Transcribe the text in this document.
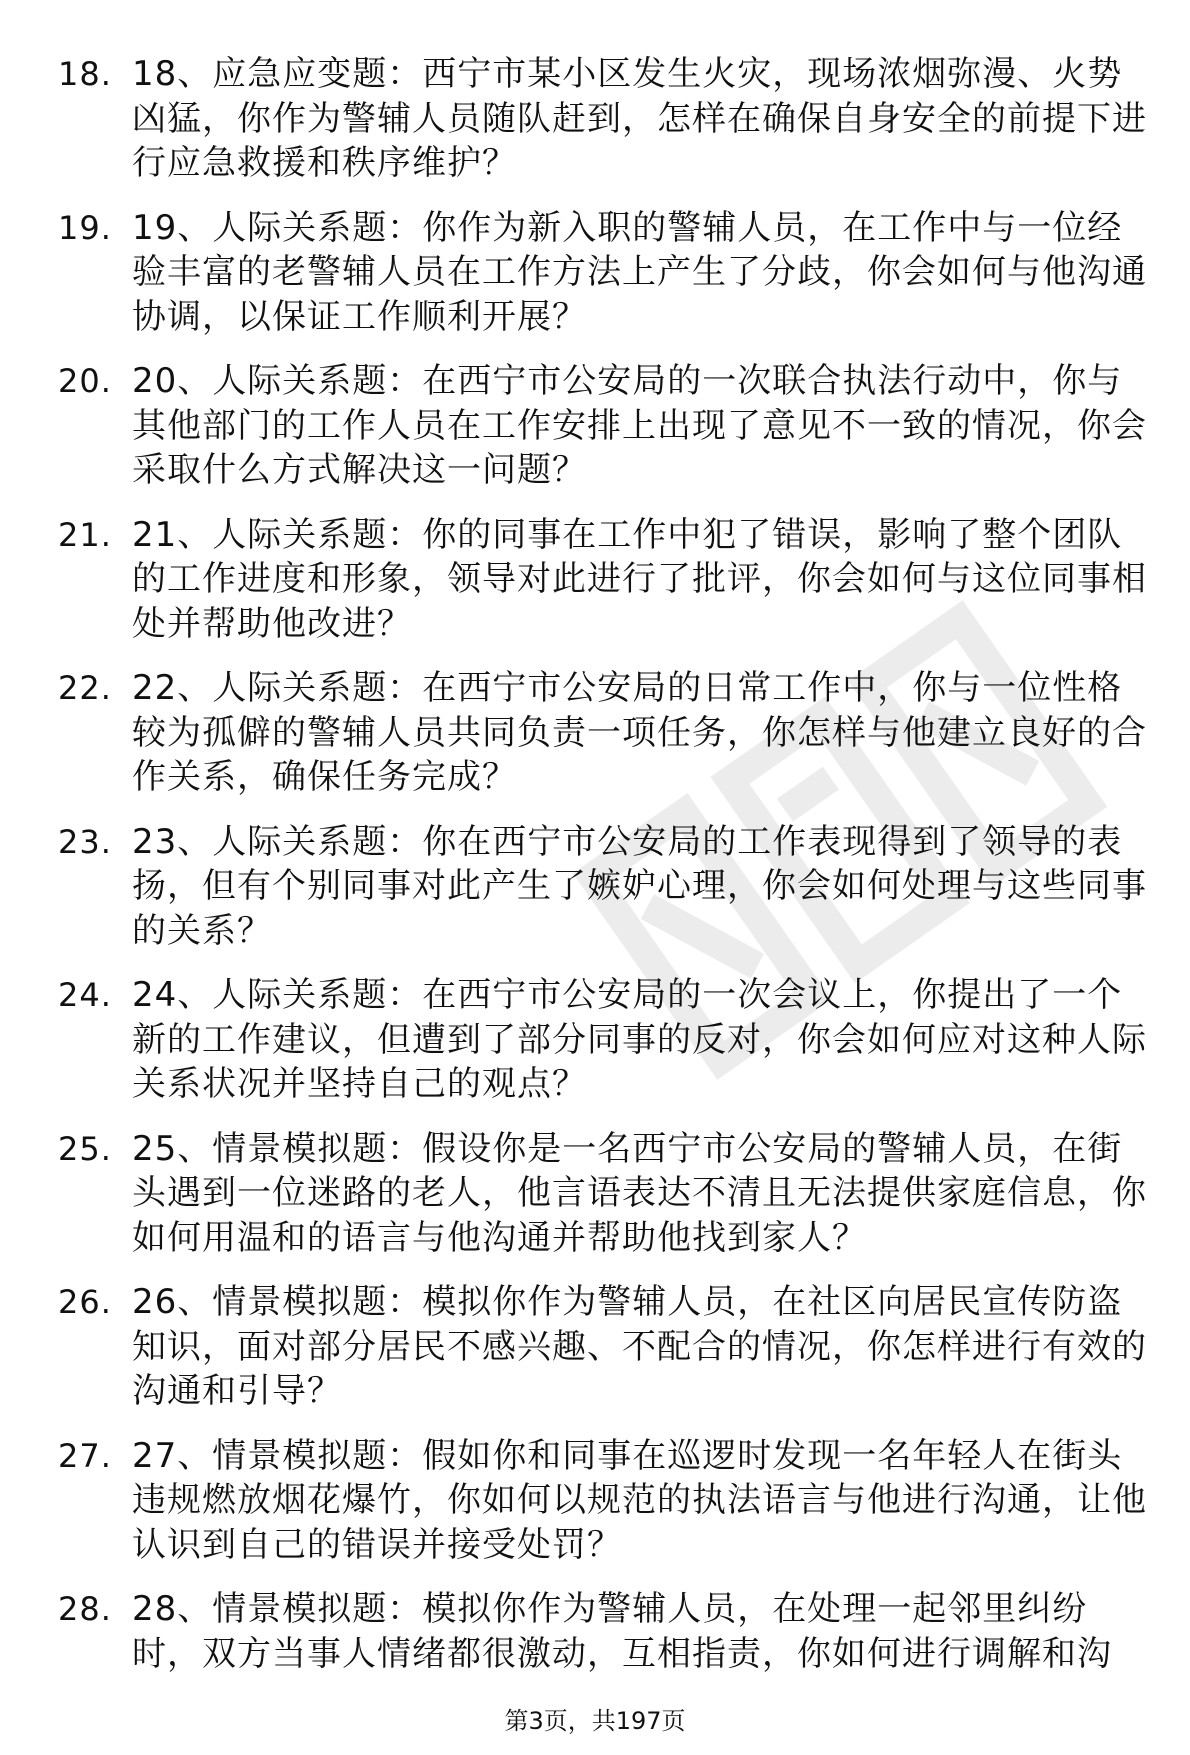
18. 18、应急应变题：西宁市某小区发生火灾，现场浓烟弥漫、火势凶猛，你作为警辅人员随队赶到，怎样在确保自身安全的前提下进行应急救援和秩序维护？
19. 19、人际关系题：你作为新入职的警辅人员，在工作中与一位经验丰富的老警辅人员在工作方法上产生了分歧，你会如何与他沟通协调，以保证工作顺利开展？
20. 20、人际关系题：在西宁市公安局的一次联合执法行动中，你与其他部门的工作人员在工作安排上出现了意见不一致的情况，你会采取什么方式解决这一问题？
21. 21、人际关系题：你的同事在工作中犯了错误，影响了整个团队的工作进度和形象，领导对此进行了批评，你会如何与这位同事相处并帮助他改进？
22. 22、人际关系题：在西宁市公安局的日常工作中，你与一位性格较为孤僻的警辅人员共同负责一项任务，你怎样与他建立良好的合作关系，确保任务完成？
23. 23、人际关系题：你在西宁市公安局的工作表现得到了领导的表扬，但有个别同事对此产生了嫉妒心理，你会如何处理与这些同事的关系？
24. 24、人际关系题：在西宁市公安局的一次会议上，你提出了一个新的工作建议，但遭到了部分同事的反对，你会如何应对这种人际关系状况并坚持自己的观点？
25. 25、情景模拟题：假设你是一名西宁市公安局的警辅人员，在街头遇到一位迷路的老人，他言语表达不清且无法提供家庭信息，你如何用温和的语言与他沟通并帮助他找到家人？
26. 26、情景模拟题：模拟你作为警辅人员，在社区向居民宣传防盗知识，面对部分居民不感兴趣、不配合的情况，你怎样进行有效的沟通和引导？
27. 27、情景模拟题：假如你和同事在巡逻时发现一名年轻人在街头违规燃放烟花爆竹，你如何以规范的执法语言与他进行沟通，让他认识到自己的错误并接受处罚？
28. 28、情景模拟题：模拟你作为警辅人员，在处理一起邻里纠纷时，双方当事人情绪都很激动，互相指责，你如何进行调解和沟
第3页，共197页
